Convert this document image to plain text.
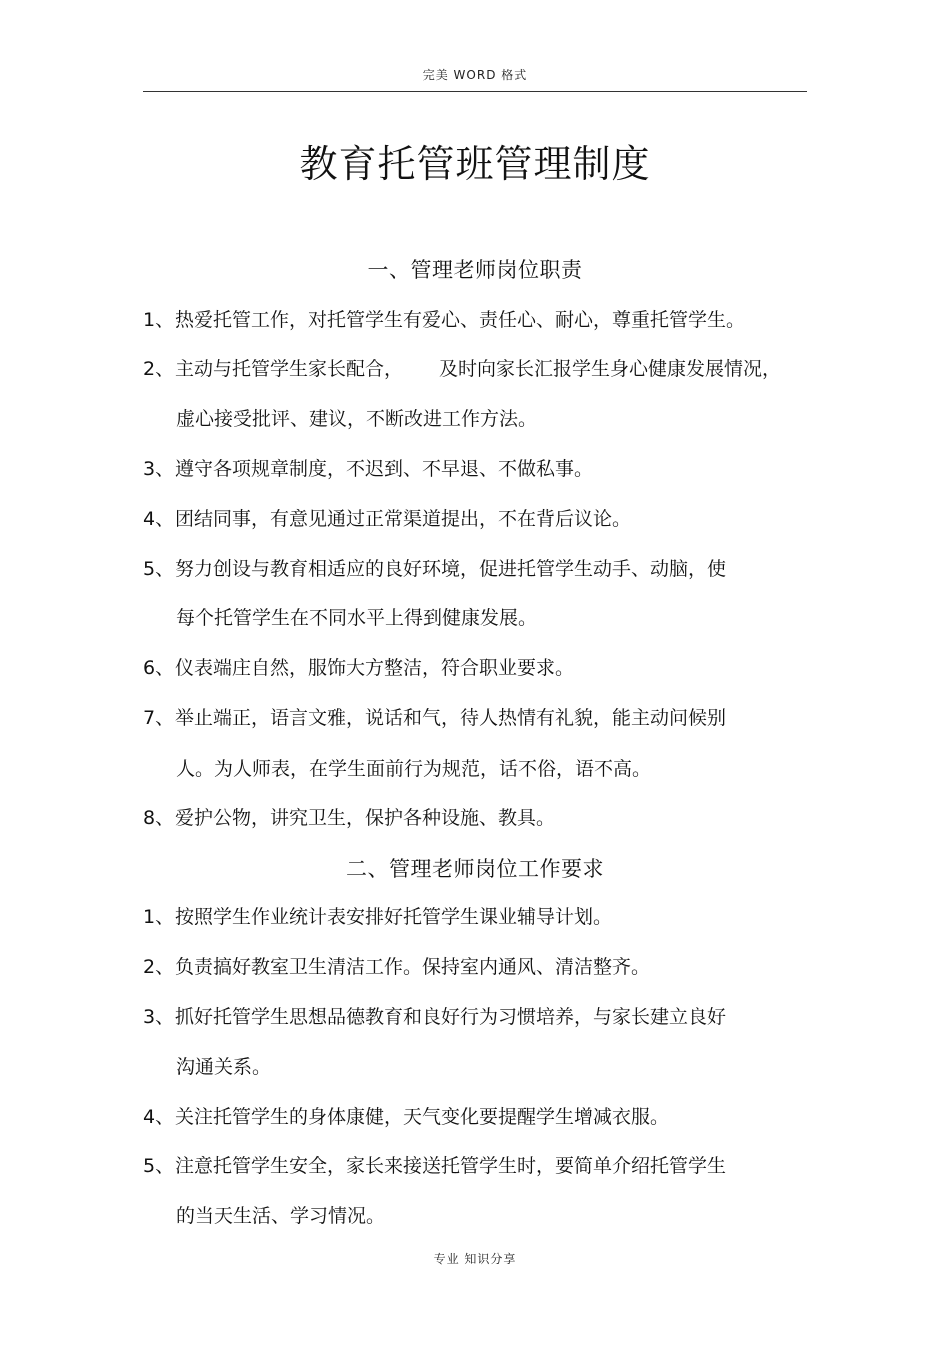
完美 WORD 格式
教育托管班管理制度
一、管理老师岗位职责
1、热爱托管工作，对托管学生有爱心、责任心、耐心，尊重托管学生。
2、主动与托管学生家长配合， 及时向家长汇报学生身心健康发展情况，
虚心接受批评、建议，不断改进工作方法。
3、遵守各项规章制度，不迟到、不早退、不做私事。
4、团结同事，有意见通过正常渠道提出，不在背后议论。
5、努力创设与教育相适应的良好环境，促进托管学生动手、动脑，使
每个托管学生在不同水平上得到健康发展。
6、仪表端庄自然，服饰大方整洁，符合职业要求。
7、举止端正，语言文雅，说话和气，待人热情有礼貌，能主动问候别
人。为人师表，在学生面前行为规范，话不俗，语不高。
8、爱护公物，讲究卫生，保护各种设施、教具。
二、管理老师岗位工作要求
1、按照学生作业统计表安排好托管学生课业辅导计划。
2、负责搞好教室卫生清洁工作。保持室内通风、清洁整齐。
3、抓好托管学生思想品德教育和良好行为习惯培养，与家长建立良好
沟通关系。
4、关注托管学生的身体康健，天气变化要提醒学生增减衣服。
5、注意托管学生安全，家长来接送托管学生时，要简单介绍托管学生
的当天生活、学习情况。
专业 知识分享
